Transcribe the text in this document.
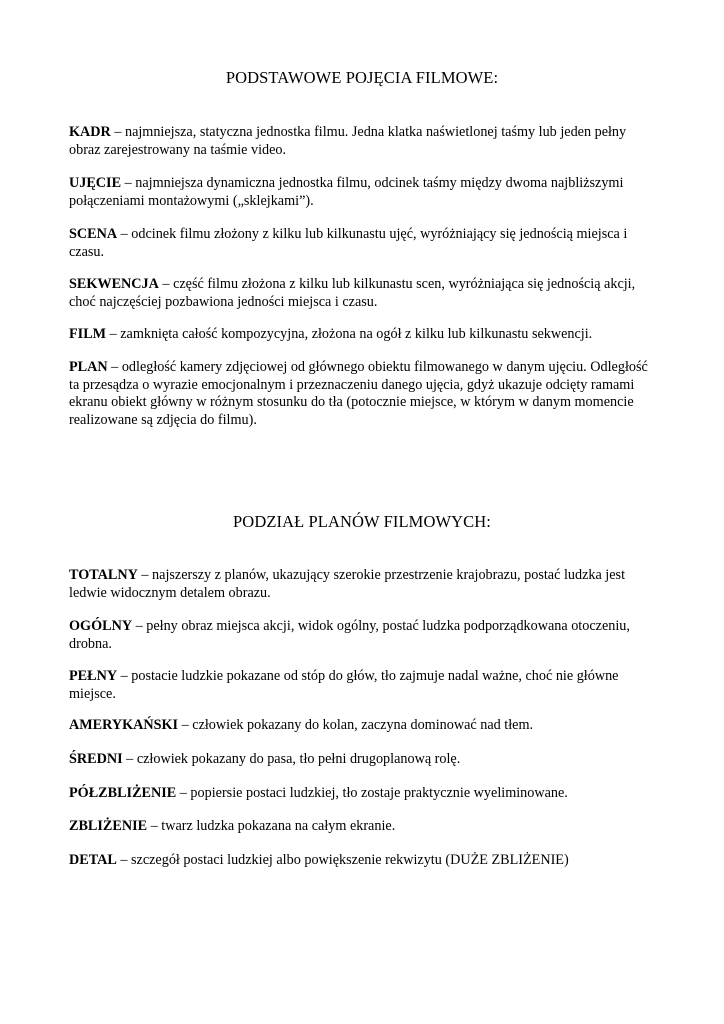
PODSTAWOWE POJĘCIA FILMOWE:

KADR – najmniejsza, statyczna jednostka filmu. Jedna klatka naświetlonej taśmy lub jeden pełny obraz zarejestrowany na taśmie video.

UJĘCIE – najmniejsza dynamiczna jednostka filmu, odcinek taśmy między dwoma najbliższymi połączeniami montażowymi („sklejkami”).

SCENA – odcinek filmu złożony z kilku lub kilkunastu ujęć, wyróżniający się jednością miejsca i czasu.

SEKWENCJA – część filmu złożona z kilku lub kilkunastu scen, wyróżniająca się jednością akcji, choć najczęściej pozbawiona jedności miejsca i czasu.

FILM – zamknięta całość kompozycyjna, złożona na ogół z kilku lub kilkunastu sekwencji.

PLAN – odległość kamery zdjęciowej od głównego obiektu filmowanego w danym ujęciu. Odległość ta przesądza o wyrazie emocjonalnym i przeznaczeniu danego ujęcia, gdyż ukazuje odcięty ramami ekranu obiekt główny w różnym stosunku do tła (potocznie miejsce, w którym w danym momencie realizowane są zdjęcia do filmu).

PODZIAŁ PLANÓW FILMOWYCH:

TOTALNY – najszerszy z planów, ukazujący szerokie przestrzenie krajobrazu, postać ludzka jest ledwie widocznym detalem obrazu.

OGÓLNY – pełny obraz miejsca akcji, widok ogólny, postać ludzka podporządkowana otoczeniu, drobna.

PEŁNY – postacie ludzkie pokazane od stóp do głów, tło zajmuje nadal ważne, choć nie główne miejsce.

AMERYKAŃSKI – człowiek pokazany do kolan, zaczyna dominować nad tłem.

ŚREDNI – człowiek pokazany do pasa, tło pełni drugoplanową rolę.

PÓŁZBLIŻENIE – popiersie postaci ludzkiej, tło zostaje praktycznie wyeliminowane.

ZBLIŻENIE – twarz ludzka pokazana na całym ekranie.

DETAL – szczegół postaci ludzkiej albo powiększenie rekwizytu (DUŻE ZBLIŻENIE)
